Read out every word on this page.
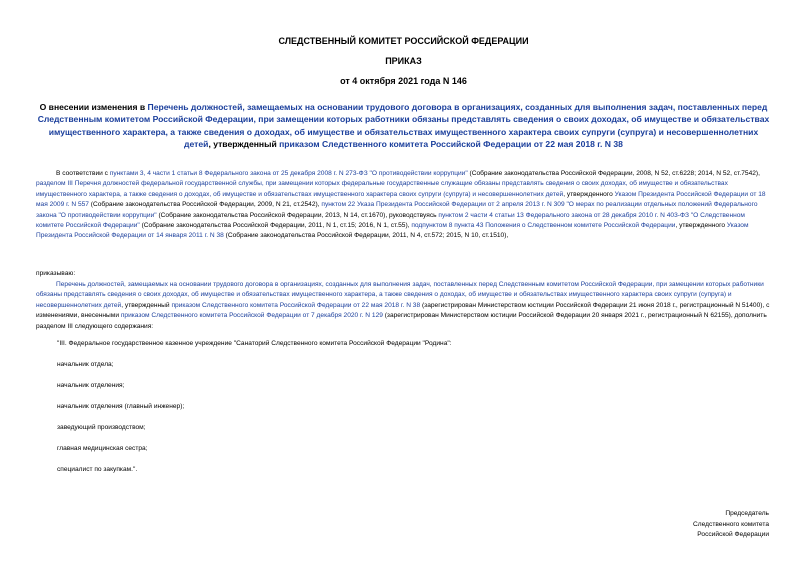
СЛЕДСТВЕННЫЙ КОМИТЕТ РОССИЙСКОЙ ФЕДЕРАЦИИ
ПРИКАЗ
от 4 октября 2021 года N 146
О внесении изменения в Перечень должностей, замещаемых на основании трудового договора в организациях, созданных для выполнения задач, поставленных перед Следственным комитетом Российской Федерации, при замещении которых работники обязаны представлять сведения о своих доходах, об имуществе и обязательствах имущественного характера, а также сведения о доходах, об имуществе и обязательствах имущественного характера своих супруги (супруга) и несовершеннолетних детей, утвержденный приказом Следственного комитета Российской Федерации от 22 мая 2018 г. N 38

В соответствии с пунктами 3, 4 части 1 статьи 8 Федерального закона от 25 декабря 2008 г. N 273-ФЗ "О противодействии коррупции" (Собрание законодательства Российской Федерации, 2008, N 52, ст.6228; 2014, N 52, ст.7542), разделом III Перечня должностей федеральной государственной службы, при замещении которых федеральные государственные служащие обязаны представлять сведения о своих доходах, об имуществе и обязательствах имущественного характера, а также сведения о доходах, об имуществе и обязательствах имущественного характера своих супруги (супруга) и несовершеннолетних детей, утвержденного Указом Президента Российской Федерации от 18 мая 2009 г. N 557 (Собрание законодательства Российской Федерации, 2009, N 21, ст.2542), пунктом 22 Указа Президента Российской Федерации от 2 апреля 2013 г. N 309 "О мерах по реализации отдельных положений Федерального закона "О противодействии коррупции" (Собрание законодательства Российской Федерации, 2013, N 14, ст.1670), руководствуясь пунктом 2 части 4 статьи 13 Федерального закона от 28 декабря 2010 г. N 403-ФЗ "О Следственном комитете Российской Федерации" (Собрание законодательства Российской Федерации, 2011, N 1, ст.15; 2016, N 1, ст.55), подпунктом 8 пункта 43 Положения о Следственном комитете Российской Федерации, утвержденного Указом Президента Российской Федерации от 14 января 2011 г. N 38 (Собрание законодательства Российской Федерации, 2011, N 4, ст.572; 2015, N 10, ст.1510),

приказываю:

Перечень должностей, замещаемых на основании трудового договора в организациях, созданных для выполнения задач, поставленных перед Следственным комитетом Российской Федерации, при замещении которых работники обязаны представлять сведения о своих доходах, об имуществе и обязательствах имущественного характера, а также сведения о доходах, об имуществе и обязательствах имущественного характера своих супруги (супруга) и несовершеннолетних детей, утвержденный приказом Следственного комитета Российской Федерации от 22 мая 2018 г. N 38 (зарегистрирован Министерством юстиции Российской Федерации 21 июня 2018 г., регистрационный N 51400), с изменениями, внесенными приказом Следственного комитета Российской Федерации от 7 декабря 2020 г. N 129 (зарегистрирован Министерством юстиции Российской Федерации 20 января 2021 г., регистрационный N 62155), дополнить разделом III следующего содержания:

"III. Федеральное государственное казенное учреждение "Санаторий Следственного комитета Российской Федерации "Родина":
начальник отдела;
начальник отделения;
начальник отделения (главный инженер);
заведующий производством;
главная медицинская сестра;
специалист по закупкам.".
Председатель
Следственного комитета
Российской Федерации
